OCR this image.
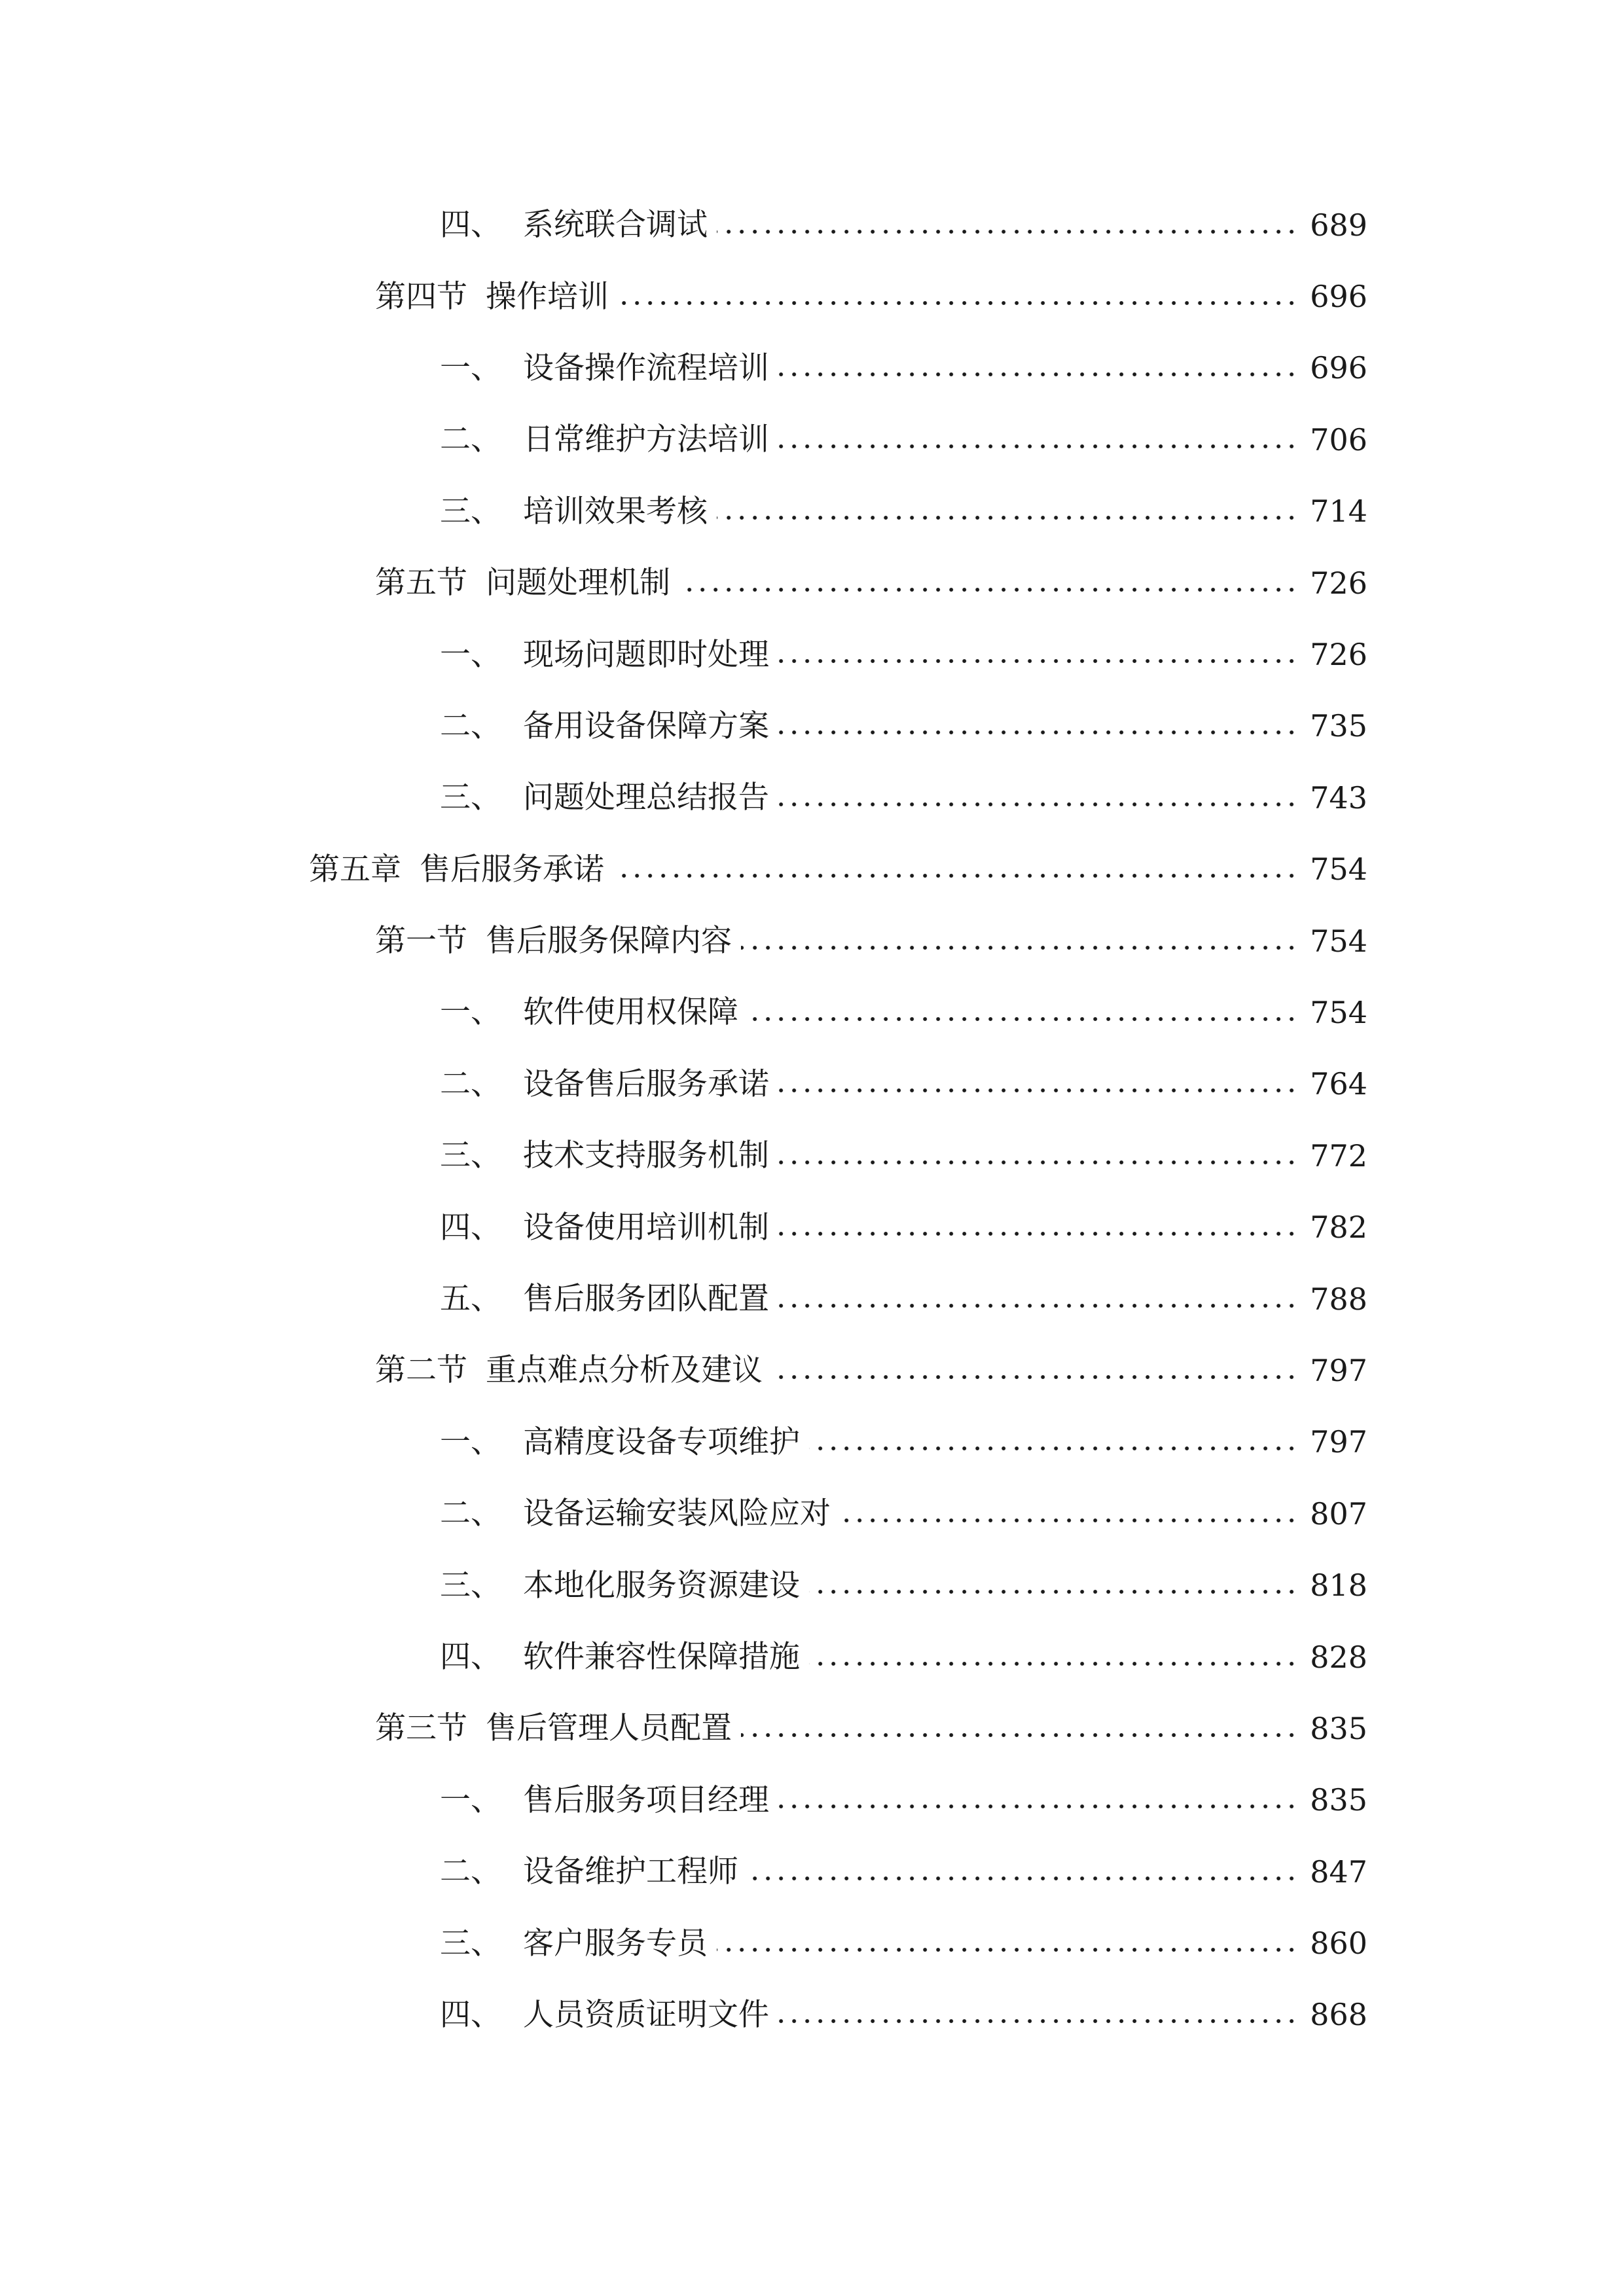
四、 系统联合调试	689
第四节 操作培训	696
一、 设备操作流程培训	696
二、 日常维护方法培训	706
三、 培训效果考核	714
第五节 问题处理机制	726
一、 现场问题即时处理	726
二、 备用设备保障方案	735
三、 问题处理总结报告	743
第五章 售后服务承诺	754
第一节 售后服务保障内容	754
一、 软件使用权保障	754
二、 设备售后服务承诺	764
三、 技术支持服务机制	772
四、 设备使用培训机制	782
五、 售后服务团队配置	788
第二节 重点难点分析及建议	797
一、 高精度设备专项维护	797
二、 设备运输安装风险应对	807
三、 本地化服务资源建设	818
四、 软件兼容性保障措施	828
第三节 售后管理人员配置	835
一、 售后服务项目经理	835
二、 设备维护工程师	847
三、 客户服务专员	860
四、 人员资质证明文件	868
